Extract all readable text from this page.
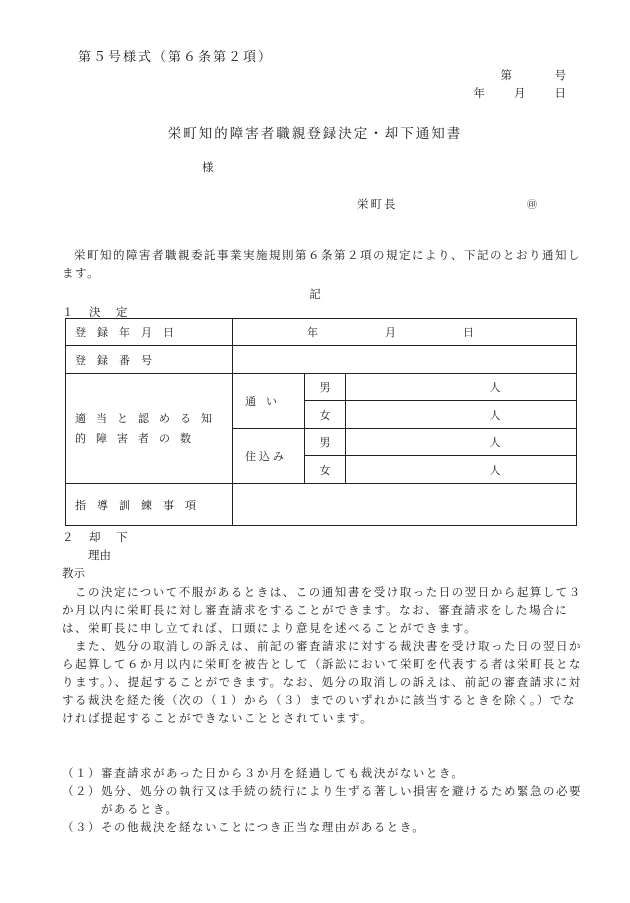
第５号様式（第６条第２項）
第　　　号
年　　月　　日
栄町知的障害者職親登録決定・却下通知書
様
栄町長	㊞
栄町知的障害者職親委託事業実施規則第６条第２項の規定により、下記のとおり通知します。
記
１　決　定
登録年月日	年　月　日		
登録番号			
適当と認める知的障害者の数	通い	男	人
		女	人
	住込み	男	人
		女	人
指導訓練事項			
２　却　下
理由
教示

この決定について不服があるときは、この通知書を受け取った日の翌日から起算して３か月以内に栄町長に対し審査請求をすることができます。なお、審査請求をした場合には、栄町長に申し立てれば、口頭により意見を述べることができます。

また、処分の取消しの訴えは、前記の審査請求に対する裁決書を受け取った日の翌日から起算して６か月以内に栄町を被告として（訴訟において栄町を代表する者は栄町長となります。）、提起することができます。なお、処分の取消しの訴えは、前記の審査請求に対する裁決を経た後（次の（１）から（３）までのいずれかに該当するときを除く。）でなければ提起することができないこととされています。

（１） 審査請求があった日から３か月を経過しても裁決がないとき。
（２） 処分、処分の執行又は手続の続行により生ずる著しい損害を避けるため緊急の必要があるとき。
（３） その他裁決を経ないことにつき正当な理由があるとき。
